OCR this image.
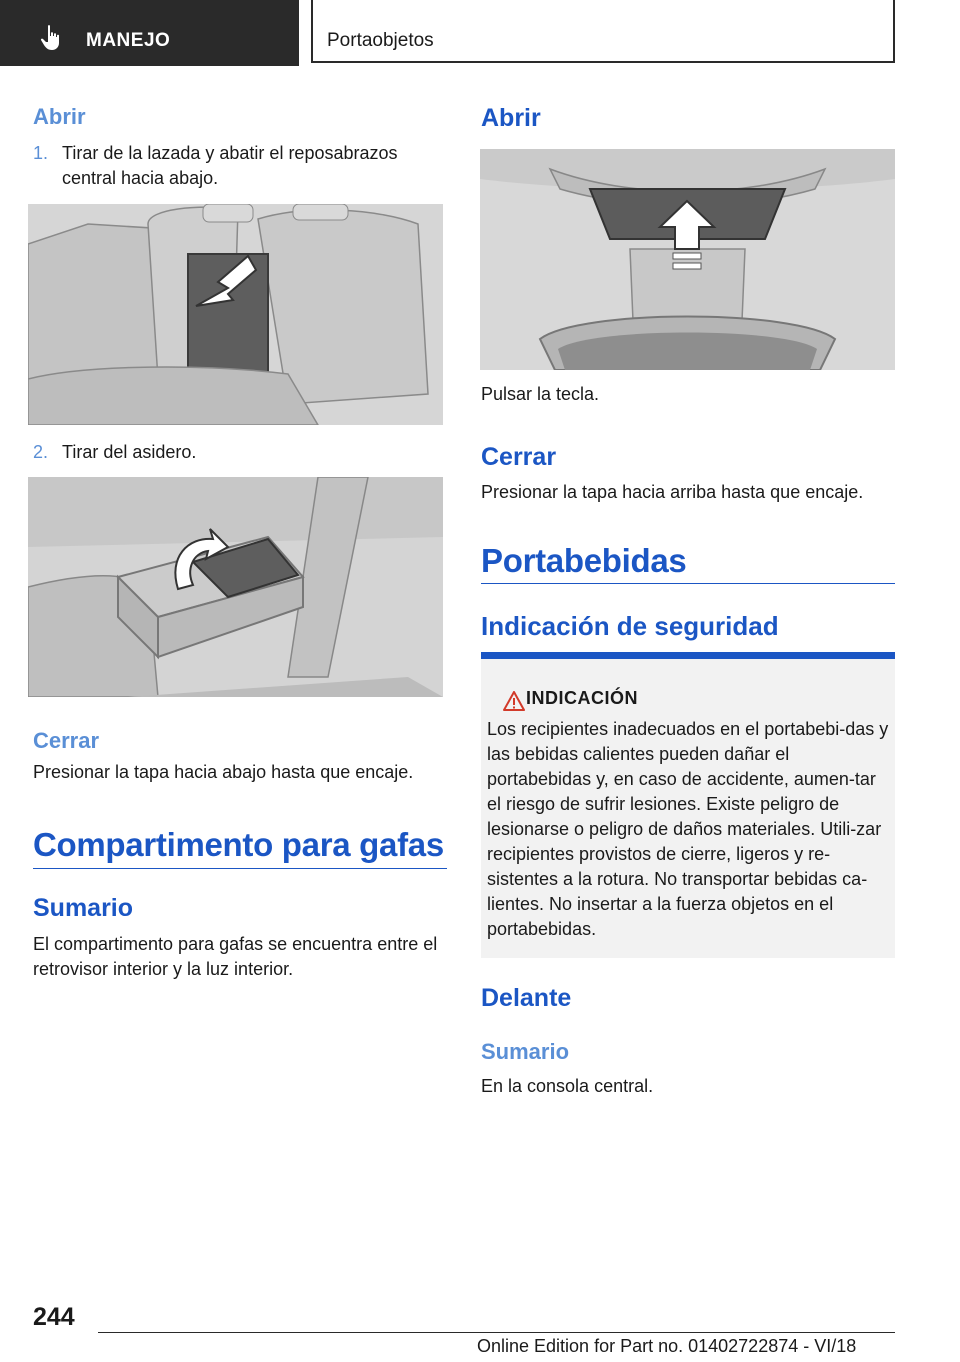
MANEJO	Portaobjetos
Abrir
1. Tirar de la lazada y abatir el reposabrazos central hacia abajo.
2. Tirar del asidero.
Cerrar

Presionar la tapa hacia abajo hasta que encaje.

Compartimento para gafas
Sumario

El compartimento para gafas se encuentra entre el retrovisor interior y la luz interior.

Abrir

Pulsar la tecla.

Cerrar

Presionar la tapa hacia arriba hasta que encaje.

Portabebidas
Indicación de seguridad
INDICACIÓN

Los recipientes inadecuados en el portabebi-das y las bebidas calientes pueden dañar el portabebidas y, en caso de accidente, aumen-tar el riesgo de sufrir lesiones. Existe peligro de lesionarse o peligro de daños materiales. Utili-zar recipientes provistos de cierre, ligeros y re-sistentes a la rotura. No transportar bebidas ca-lientes. No insertar a la fuerza objetos en el portabebidas.

Delante
Sumario

En la consola central.

244
Online Edition for Part no. 01402722874 - VI/18
